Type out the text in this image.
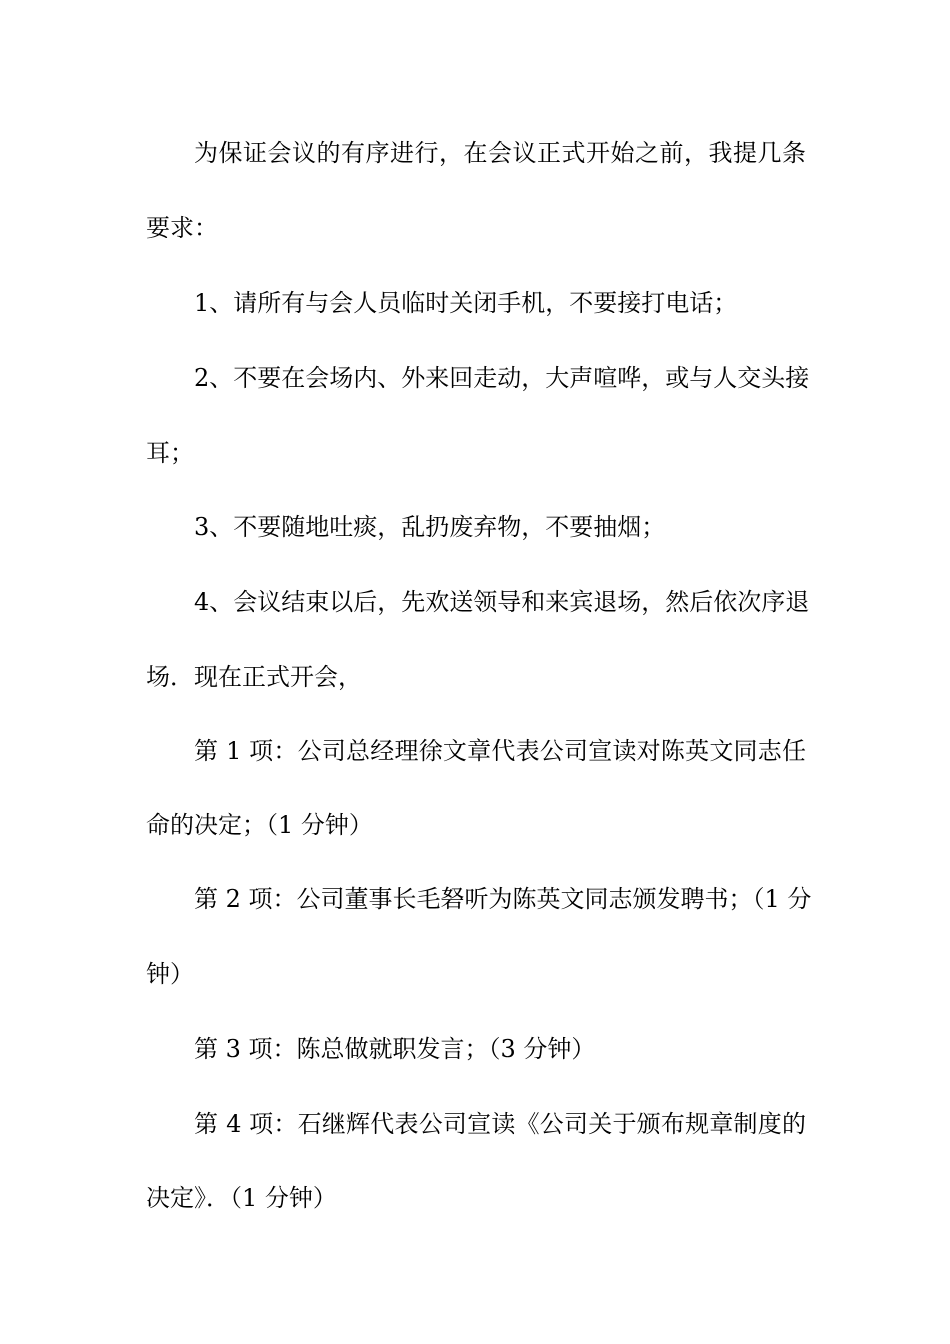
为保证会议的有序进行，在会议正式开始之前，我提几条

要求：

1、请所有与会人员临时关闭手机，不要接打电话；

2、不要在会场内、外来回走动，大声喧哗，或与人交头接

耳；

3、不要随地吐痰，乱扔废弃物，不要抽烟；

4、会议结束以后，先欢送领导和来宾退场，然后依次序退

场．现在正式开会，

第 1 项：公司总经理徐文章代表公司宣读对陈英文同志任

命的决定；（1 分钟）

第 2 项：公司董事长毛砮听为陈英文同志颁发聘书；（1 分

钟）

第 3 项：陈总做就职发言；（3 分钟）

第 4 项：石继辉代表公司宣读《公司关于颁布规章制度的

决定》．（1 分钟）
